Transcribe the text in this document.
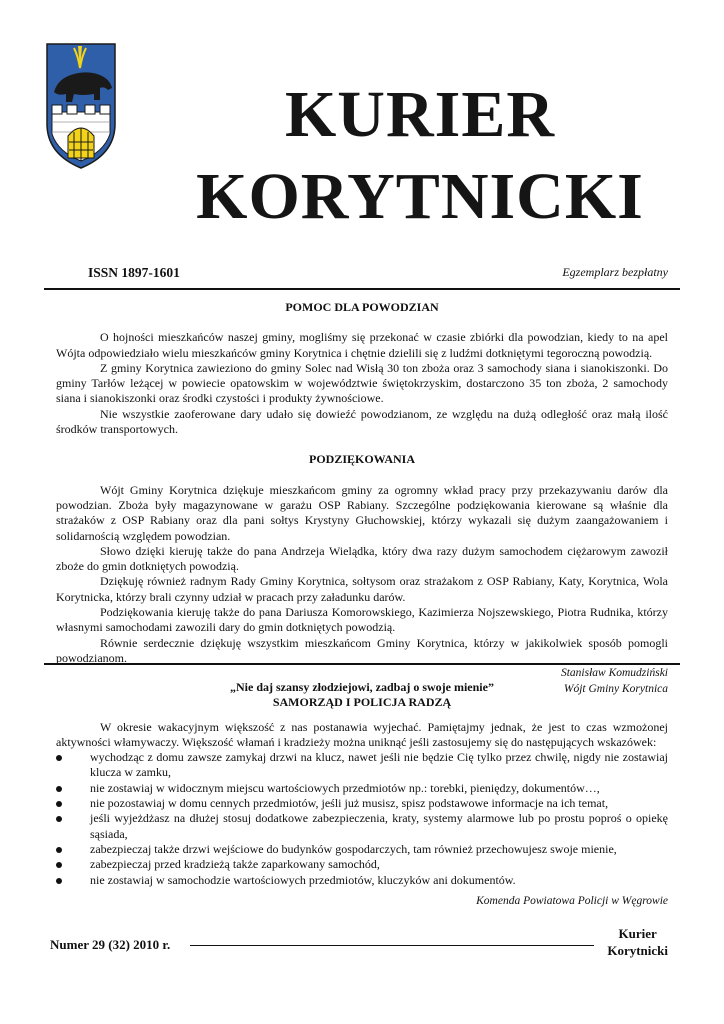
KURIER
KORYTNICKI
ISSN 1897-1601	Egzemplarz bezpłatny
POMOC DLA POWODZIAN

O hojności mieszkańców naszej gminy, mogliśmy się przekonać w czasie zbiórki dla powodzian, kiedy to na apel Wójta odpowiedziało wielu mieszkańców gminy Korytnica i chętnie dzielili się z ludźmi dotkniętymi tegoroczną powodzią.

Z gminy Korytnica zawieziono do gminy Solec nad Wisłą 30 ton zboża oraz 3 samochody siana i sianokiszonki. Do gminy Tarłów leżącej w powiecie opatowskim w województwie świętokrzyskim, dostarczono 35 ton zboża, 2 samochody siana i sianokiszonki oraz środki czystości i produkty żywnościowe.

Nie wszystkie zaoferowane dary udało się dowieźć powodzianom, ze względu na dużą odległość oraz małą ilość środków transportowych.

PODZIĘKOWANIA

Wójt Gminy Korytnica dziękuje mieszkańcom gminy za ogromny wkład pracy przy przekazywaniu darów dla powodzian. Zboża były magazynowane w garażu OSP Rabiany. Szczególne podziękowania kierowane są właśnie dla strażaków z OSP Rabiany oraz dla pani sołtys Krystyny Głuchowskiej, którzy wykazali się dużym zaangażowaniem i solidarnością względem powodzian.

Słowo dzięki kieruję także do pana Andrzeja Wielądka, który dwa razy dużym samochodem ciężarowym zawoził zboże do gmin dotkniętych powodzią.

Dziękuję również radnym Rady Gminy Korytnica, sołtysom oraz strażakom z OSP Rabiany, Katy, Korytnica, Wola Korytnicka, którzy brali czynny udział w pracach przy załadunku darów.

Podziękowania kieruję także do pana Dariusza Komorowskiego, Kazimierza Nojszewskiego, Piotra Rudnika, którzy własnymi samochodami zawozili dary do gmin dotkniętych powodzią.

Równie serdecznie dziękuję wszystkim mieszkańcom Gminy Korytnica, którzy w jakikolwiek sposób pomogli powodzianom.

Stanisław Komudziński

Wójt Gminy Korytnica

„Nie daj szansy złodziejowi, zadbaj o swoje mienie”
SAMORZĄD I POLICJA RADZĄ

W okresie wakacyjnym większość z nas postanawia wyjechać. Pamiętajmy jednak, że jest to czas wzmożonej aktywności włamywaczy. Większość włamań i kradzieży można uniknąć jeśli zastosujemy się do następujących wskazówek:

wychodząc z domu zawsze zamykaj drzwi na klucz, nawet jeśli nie będzie Cię tylko przez chwilę, nigdy nie zostawiaj klucza w zamku,
nie zostawiaj w widocznym miejscu wartościowych przedmiotów np.: torebki, pieniędzy, dokumentów…,
nie pozostawiaj w domu cennych przedmiotów, jeśli już musisz, spisz podstawowe informacje na ich temat,
jeśli wyjeżdżasz na dłużej stosuj dodatkowe zabezpieczenia, kraty, systemy alarmowe lub po prostu poproś o opiekę sąsiada,
zabezpieczaj także drzwi wejściowe do budynków gospodarczych, tam również przechowujesz swoje mienie,
zabezpieczaj przed kradzieżą także zaparkowany samochód,
nie zostawiaj w samochodzie wartościowych przedmiotów, kluczyków ani dokumentów.

Komenda Powiatowa Policji w Węgrowie

Numer 29 (32) 2010 r.
Kurier
Korytnicki
